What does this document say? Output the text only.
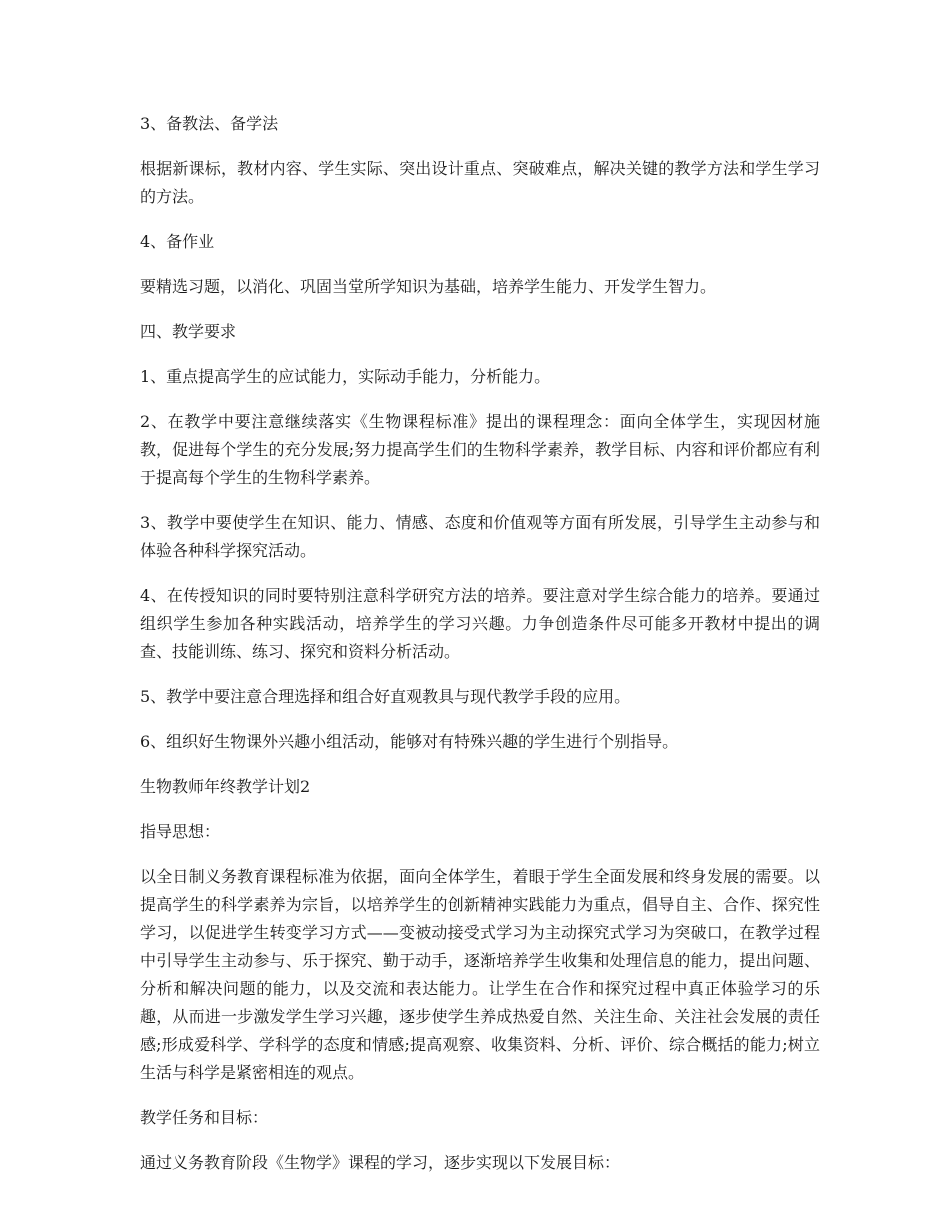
3、备教法、备学法

根据新课标，教材内容、学生实际、突出设计重点、突破难点，解决关键的教学方法和学生学习的方法。

4、备作业

要精选习题，以消化、巩固当堂所学知识为基础，培养学生能力、开发学生智力。

四、教学要求

1、重点提高学生的应试能力，实际动手能力，分析能力。

2、在教学中要注意继续落实《生物课程标准》提出的课程理念：面向全体学生，实现因材施教，促进每个学生的充分发展;努力提高学生们的生物科学素养，教学目标、内容和评价都应有利于提高每个学生的生物科学素养。

3、教学中要使学生在知识、能力、情感、态度和价值观等方面有所发展，引导学生主动参与和体验各种科学探究活动。

4、在传授知识的同时要特别注意科学研究方法的培养。要注意对学生综合能力的培养。要通过组织学生参加各种实践活动，培养学生的学习兴趣。力争创造条件尽可能多开教材中提出的调查、技能训练、练习、探究和资料分析活动。

5、教学中要注意合理选择和组合好直观教具与现代教学手段的应用。

6、组织好生物课外兴趣小组活动，能够对有特殊兴趣的学生进行个别指导。

生物教师年终教学计划2

指导思想：

以全日制义务教育课程标准为依据，面向全体学生，着眼于学生全面发展和终身发展的需要。以提高学生的科学素养为宗旨，以培养学生的创新精神实践能力为重点，倡导自主、合作、探究性学习，以促进学生转变学习方式——变被动接受式学习为主动探究式学习为突破口，在教学过程中引导学生主动参与、乐于探究、勤于动手，逐渐培养学生收集和处理信息的能力，提出问题、分析和解决问题的能力，以及交流和表达能力。让学生在合作和探究过程中真正体验学习的乐趣，从而进一步激发学生学习兴趣，逐步使学生养成热爱自然、关注生命、关注社会发展的责任感;形成爱科学、学科学的态度和情感;提高观察、收集资料、分析、评价、综合概括的能力;树立生活与科学是紧密相连的观点。

教学任务和目标：

通过义务教育阶段《生物学》课程的学习，逐步实现以下发展目标：
